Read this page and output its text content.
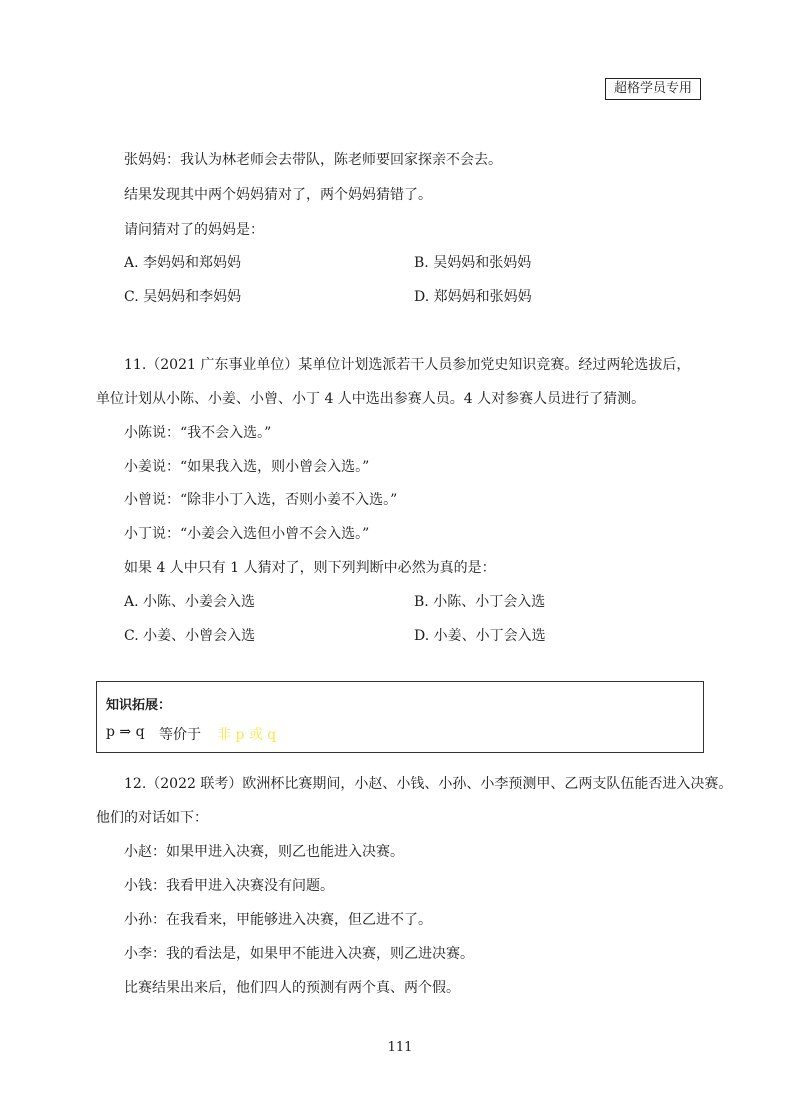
超格学员专用
张妈妈：我认为林老师会去带队，陈老师要回家探亲不会去。
结果发现其中两个妈妈猜对了，两个妈妈猜错了。
请问猜对了的妈妈是：
A. 李妈妈和郑妈妈	B. 吴妈妈和张妈妈
C. 吴妈妈和李妈妈	D. 郑妈妈和张妈妈
11.（2021 广东事业单位）某单位计划选派若干人员参加党史知识竞赛。经过两轮选拔后，
单位计划从小陈、小姜、小曾、小丁 4 人中选出参赛人员。4 人对参赛人员进行了猜测。
小陈说：“我不会入选。”
小姜说：“如果我入选，则小曾会入选。”
小曾说：“除非小丁入选，否则小姜不入选。”
小丁说：“小姜会入选但小曾不会入选。”
如果 4 人中只有 1 人猜对了，则下列判断中必然为真的是：
A. 小陈、小姜会入选	B. 小陈、小丁会入选
C. 小姜、小曾会入选	D. 小姜、小丁会入选
知识拓展：
p ⇒ q 等价于 非 p 或 q
12.（2022 联考）欧洲杯比赛期间，小赵、小钱、小孙、小李预测甲、乙两支队伍能否进入决赛。
他们的对话如下：
小赵：如果甲进入决赛，则乙也能进入决赛。
小钱：我看甲进入决赛没有问题。
小孙：在我看来，甲能够进入决赛，但乙进不了。
小李：我的看法是，如果甲不能进入决赛，则乙进决赛。
比赛结果出来后，他们四人的预测有两个真、两个假。
111
